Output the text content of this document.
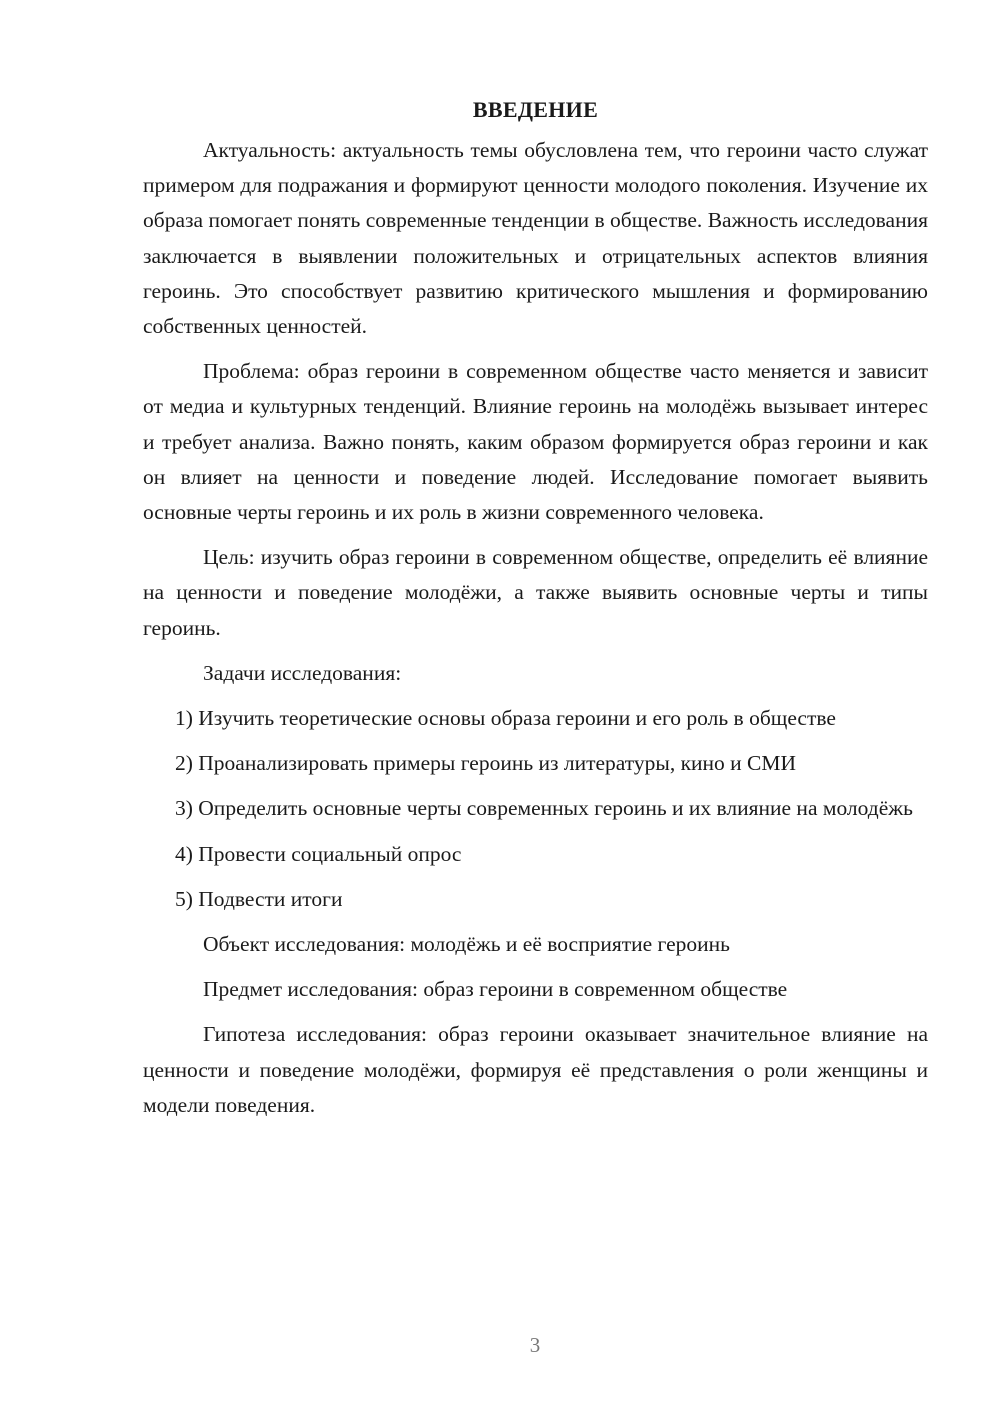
ВВЕДЕНИЕ

Актуальность: актуальность темы обусловлена тем, что героини часто служат примером для подражания и формируют ценности молодого поколения. Изучение их образа помогает понять современные тенденции в обществе. Важность исследования заключается в выявлении положительных и отрицательных аспектов влияния героинь. Это способствует развитию критического мышления и формированию собственных ценностей.

Проблема: образ героини в современном обществе часто меняется и зависит от медиа и культурных тенденций. Влияние героинь на молодёжь вызывает интерес и требует анализа. Важно понять, каким образом формируется образ героини и как он влияет на ценности и поведение людей. Исследование помогает выявить основные черты героинь и их роль в жизни современного человека.

Цель: изучить образ героини в современном обществе, определить её влияние на ценности и поведение молодёжи, а также выявить основные черты и типы героинь.

Задачи исследования:

1) Изучить теоретические основы образа героини и его роль в обществе

2) Проанализировать примеры героинь из литературы, кино и СМИ

3) Определить основные черты современных героинь и их влияние на молодёжь

4) Провести социальный опрос

5) Подвести итоги

Объект исследования: молодёжь и её восприятие героинь

Предмет исследования: образ героини в современном обществе

Гипотеза исследования: образ героини оказывает значительное влияние на ценности и поведение молодёжи, формируя её представления о роли женщины и модели поведения.

3
